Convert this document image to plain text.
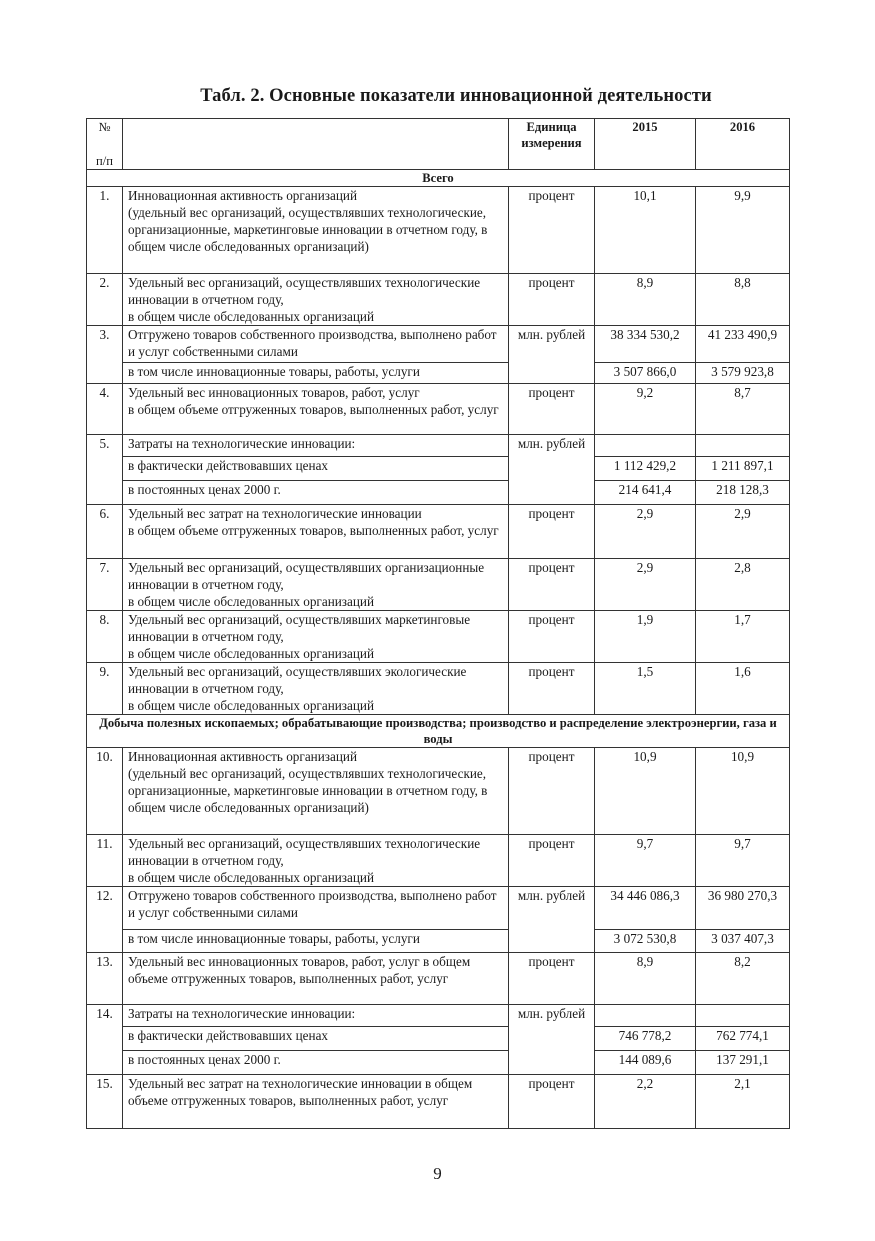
Табл. 2. Основные показатели инновационной деятельности
№
п/п		Единица измерения	2015	2016
Всего				
1.	Инновационная активность организаций
(удельный вес организаций, осуществлявших технологические, организационные, маркетинговые инновации в отчетном году, в общем числе обследованных организаций)	процент	10,1	9,9
2.	Удельный вес организаций, осуществлявших технологические инновации в отчетном году,
в общем числе обследованных организаций	процент	8,9	8,8
3.	Отгружено товаров собственного производства, выполнено работ и услуг собственными силами	млн. рублей	38 334 530,2	41 233 490,9
	в том числе инновационные товары, работы, услуги		3 507 866,0	3 579 923,8
4.	Удельный вес инновационных товаров, работ, услуг
в общем объеме отгруженных товаров, выполненных работ, услуг	процент	9,2	8,7
5.	Затраты на технологические инновации:	млн. рублей		
	в фактически действовавших ценах		1 112 429,2	1 211 897,1
	в постоянных ценах 2000 г.		214 641,4	218 128,3
6.	Удельный вес затрат на технологические инновации
в общем объеме отгруженных товаров, выполненных работ, услуг	процент	2,9	2,9
7.	Удельный вес организаций, осуществлявших организационные инновации в отчетном году,
в общем числе обследованных организаций	процент	2,9	2,8
8.	Удельный вес организаций, осуществлявших маркетинговые инновации в отчетном году,
в общем числе обследованных организаций	процент	1,9	1,7
9.	Удельный вес организаций, осуществлявших экологические инновации в отчетном году,
в общем числе обследованных организаций	процент	1,5	1,6
Добыча полезных ископаемых; обрабатывающие производства; производство и распределение электроэнергии, газа и воды				
10.	Инновационная активность организаций
(удельный вес организаций, осуществлявших технологические, организационные, маркетинговые инновации в отчетном году, в общем числе обследованных организаций)	процент	10,9	10,9
11.	Удельный вес организаций, осуществлявших технологические инновации в отчетном году,
в общем числе обследованных организаций	процент	9,7	9,7
12.	Отгружено товаров собственного производства, выполнено работ и услуг собственными силами	млн. рублей	34 446 086,3	36 980 270,3
	в том числе инновационные товары, работы, услуги		3 072 530,8	3 037 407,3
13.	Удельный вес инновационных товаров, работ, услуг в общем объеме отгруженных товаров, выполненных работ, услуг	процент	8,9	8,2
14.	Затраты на технологические инновации:	млн. рублей		
	в фактически действовавших ценах		746 778,2	762 774,1
	в постоянных ценах 2000 г.		144 089,6	137 291,1
15.	Удельный вес затрат на технологические инновации в общем объеме отгруженных товаров, выполненных работ, услуг	процент	2,2	2,1
9
